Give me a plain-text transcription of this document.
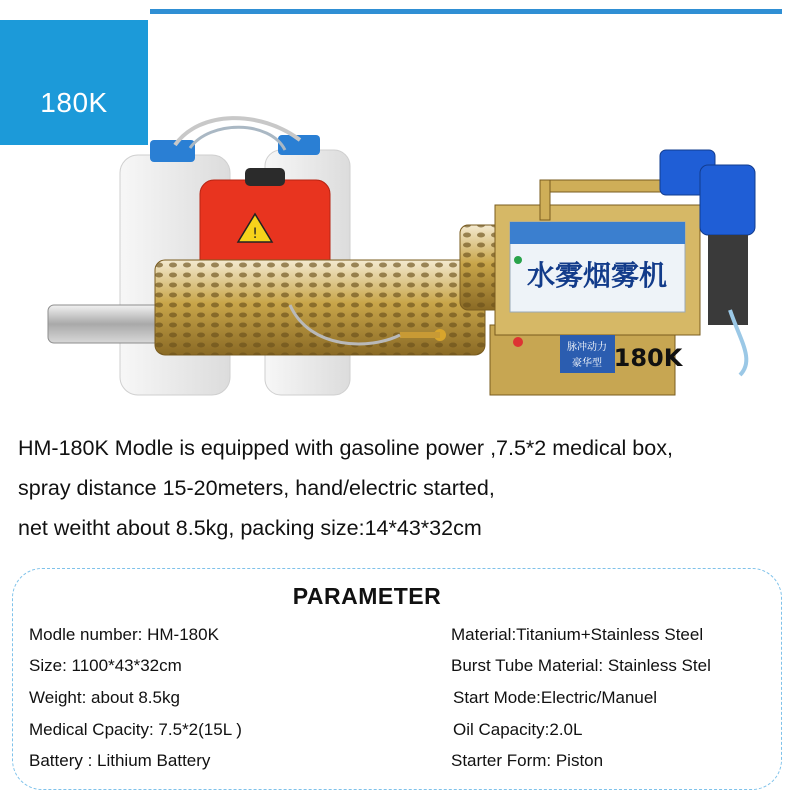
180K
!
水雾烟雾机
脉冲动力
豪华型 180K
HM-180K Modle is equipped with gasoline power ,7.5*2 medical box,
spray distance 15-20meters, hand/electric started,
net weitht about 8.5kg, packing size:14*43*32cm
PARAMETER
Modle number: HM-180K
Size: 1100*43*32cm
Weight: about 8.5kg
Medical Cpacity: 7.5*2(15L )
Battery : Lithium Battery
Material:Titanium+Stainless Steel
Burst Tube Material: Stainless Stel
Start Mode:Electric/Manuel
Oil Capacity:2.0L
Starter Form: Piston
